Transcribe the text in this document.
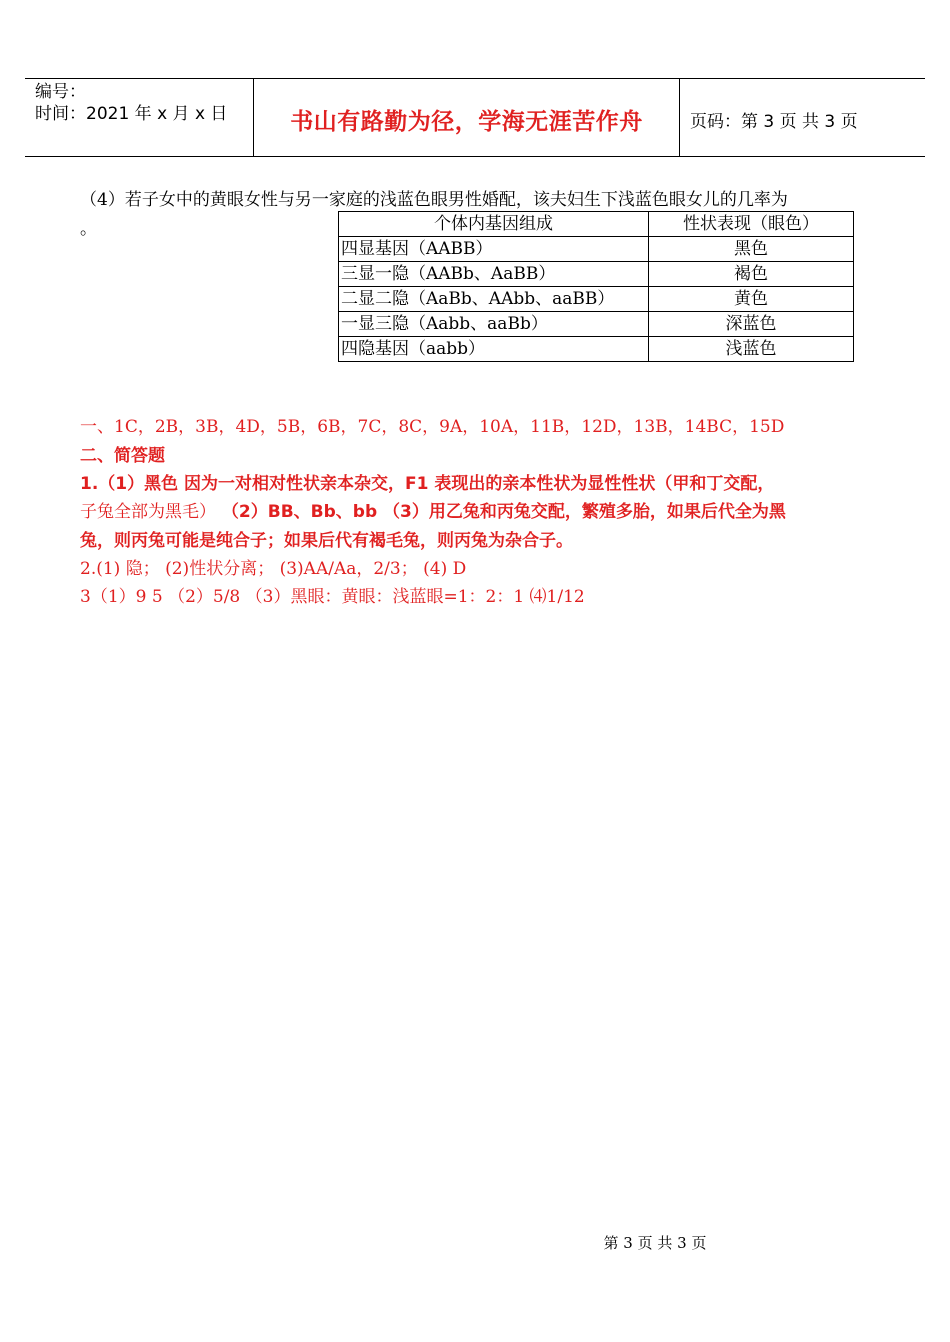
编号：
时间：2021 年 x 月 x 日	书山有路勤为径，学海无涯苦作舟	页码：第 3 页 共 3 页
（4）若子女中的黄眼女性与另一家庭的浅蓝色眼男性婚配，该夫妇生下浅蓝色眼女儿的几率为
。	个体内基因组成	性状表现（眼色）
四显基因（AABB）	黑色
三显一隐（AABb、AaBB）	褐色
二显二隐（AaBb、AAbb、aaBB）	黄色
一显三隐（Aabb、aaBb）	深蓝色
四隐基因（aabb）	浅蓝色
一、1C，2B，3B，4D，5B，6B，7C，8C，9A，10A，11B，12D，13B，14BC，15D
二、简答题
1.（1）黑色 因为一对相对性状亲本杂交，F1 表现出的亲本性状为显性性状（甲和丁交配，
子兔全部为黑毛） （2）BB、Bb、bb （3）用乙兔和丙兔交配，繁殖多胎，如果后代全为黑
兔，则丙兔可能是纯合子；如果后代有褐毛兔，则丙兔为杂合子。
2.(1) 隐； (2)性状分离； (3)AA/Aa，2/3； (4) D
3（1）9 5 （2）5/8 （3）黑眼：黄眼：浅蓝眼=1：2：1 ⑷1/12
第 3 页 共 3 页
